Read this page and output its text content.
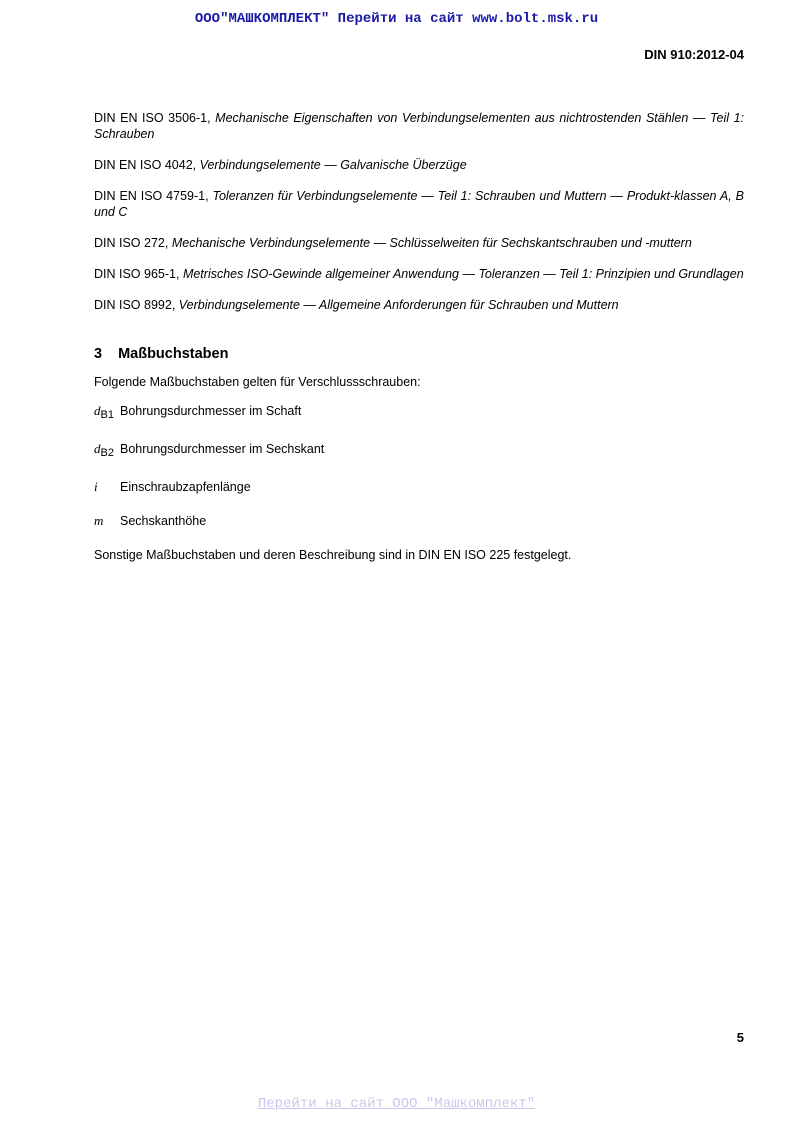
ООО"МАШКОМПЛЕКТ" Перейти на сайт www.bolt.msk.ru
DIN 910:2012-04
DIN EN ISO 3506-1, Mechanische Eigenschaften von Verbindungselementen aus nichtrostenden Stählen — Teil 1: Schrauben
DIN EN ISO 4042, Verbindungselemente — Galvanische Überzüge
DIN EN ISO 4759-1, Toleranzen für Verbindungselemente — Teil 1: Schrauben und Muttern — Produkt-klassen A, B und C
DIN ISO 272, Mechanische Verbindungselemente — Schlüsselweiten für Sechskantschrauben und -muttern
DIN ISO 965-1, Metrisches ISO-Gewinde allgemeiner Anwendung — Toleranzen — Teil 1: Prinzipien und Grundlagen
DIN ISO 8992, Verbindungselemente — Allgemeine Anforderungen für Schrauben und Muttern
3 Maßbuchstaben

Folgende Maßbuchstaben gelten für Verschlussschrauben:

$d_{B1}$ Bohrungsdurchmesser im Schaft
$d_{B2}$ Bohrungsdurchmesser im Sechskant
i	Einschraubzapfenlänge
m	Sechskanthöhe

Sonstige Maßbuchstaben und deren Beschreibung sind in DIN EN ISO 225 festgelegt.

5
Перейти на сайт ООО "Машкомплект"
